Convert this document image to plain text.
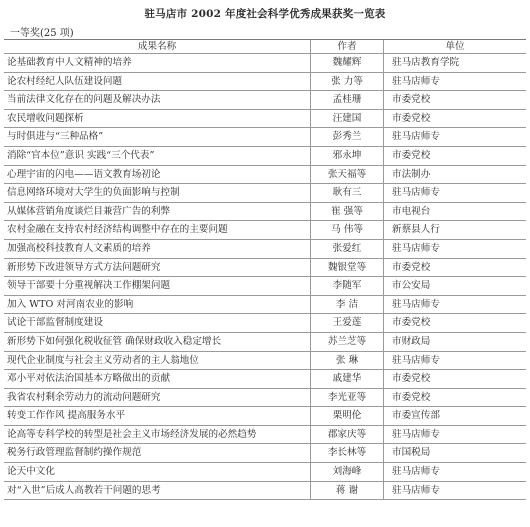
驻马店市 2002 年度社会科学优秀成果获奖一览表
一等奖(25 项)
成果名称	作者	单位
论基础教育中人文精神的培养	魏耀辉	驻马店教育学院
论农村经纪人队伍建设问题	张 力等	驻马店师专
当前法律文化存在的问题及解决办法	孟桂珊	市委党校
农民增收问题探析	汪建国	市委党校
与时俱进与“三种品格”	彭秀兰	驻马店师专
消除“官本位”意识 实践“三个代表”	邪永坤	市委党校
心理宇宙的闪电——语文教育场初论	张天福等	市法制办
信息网络环境对大学生的负面影响与控制	耿有三	驻马店师专
从媒体营销角度谈烂目兼营广告的利弊	崔 强等	市电视台
农村金融在支持农村经济结构调整中存在的主要问题	马 伟等	新蔡县人行
加强高校科技教育人文素质的培养	张爱红	驻马店师专
新形势下改进领导方式方法问题研究	魏银堂等	市委党校
领导干部要十分重视解决工作棚架问题	李随军	市公安局
加入 WTO 对河南农业的影响	李 洁	驻马店师专
试论干部监督制度建设	王爱莲	市委党校
新形势下如何强化税收征管 确保财政收入稳定增长	苏兰芝等	市财政局
现代企业制度与社会主义劳动者的主人翁地位	张 琳	驻马店师专
邓小平对依法治国基本方略做出的贡献	戚建华	市委党校
我省农村剩余劳动力的流动问题研究	李光亚等	市委党校
转变工作作风 提高服务水平	栗明伦	市委宣传部
论高等专科学校的转型是社会主义市场经济发展的必然趋势	郡家庆等	驻马店师专
税务行政管理监督制约操作规范	李长林等	市国税局
论天中文化	刘海峰	驻马店师专
对“入世”后成人高教若干问题的思考	蒋 谢	驻马店师专
